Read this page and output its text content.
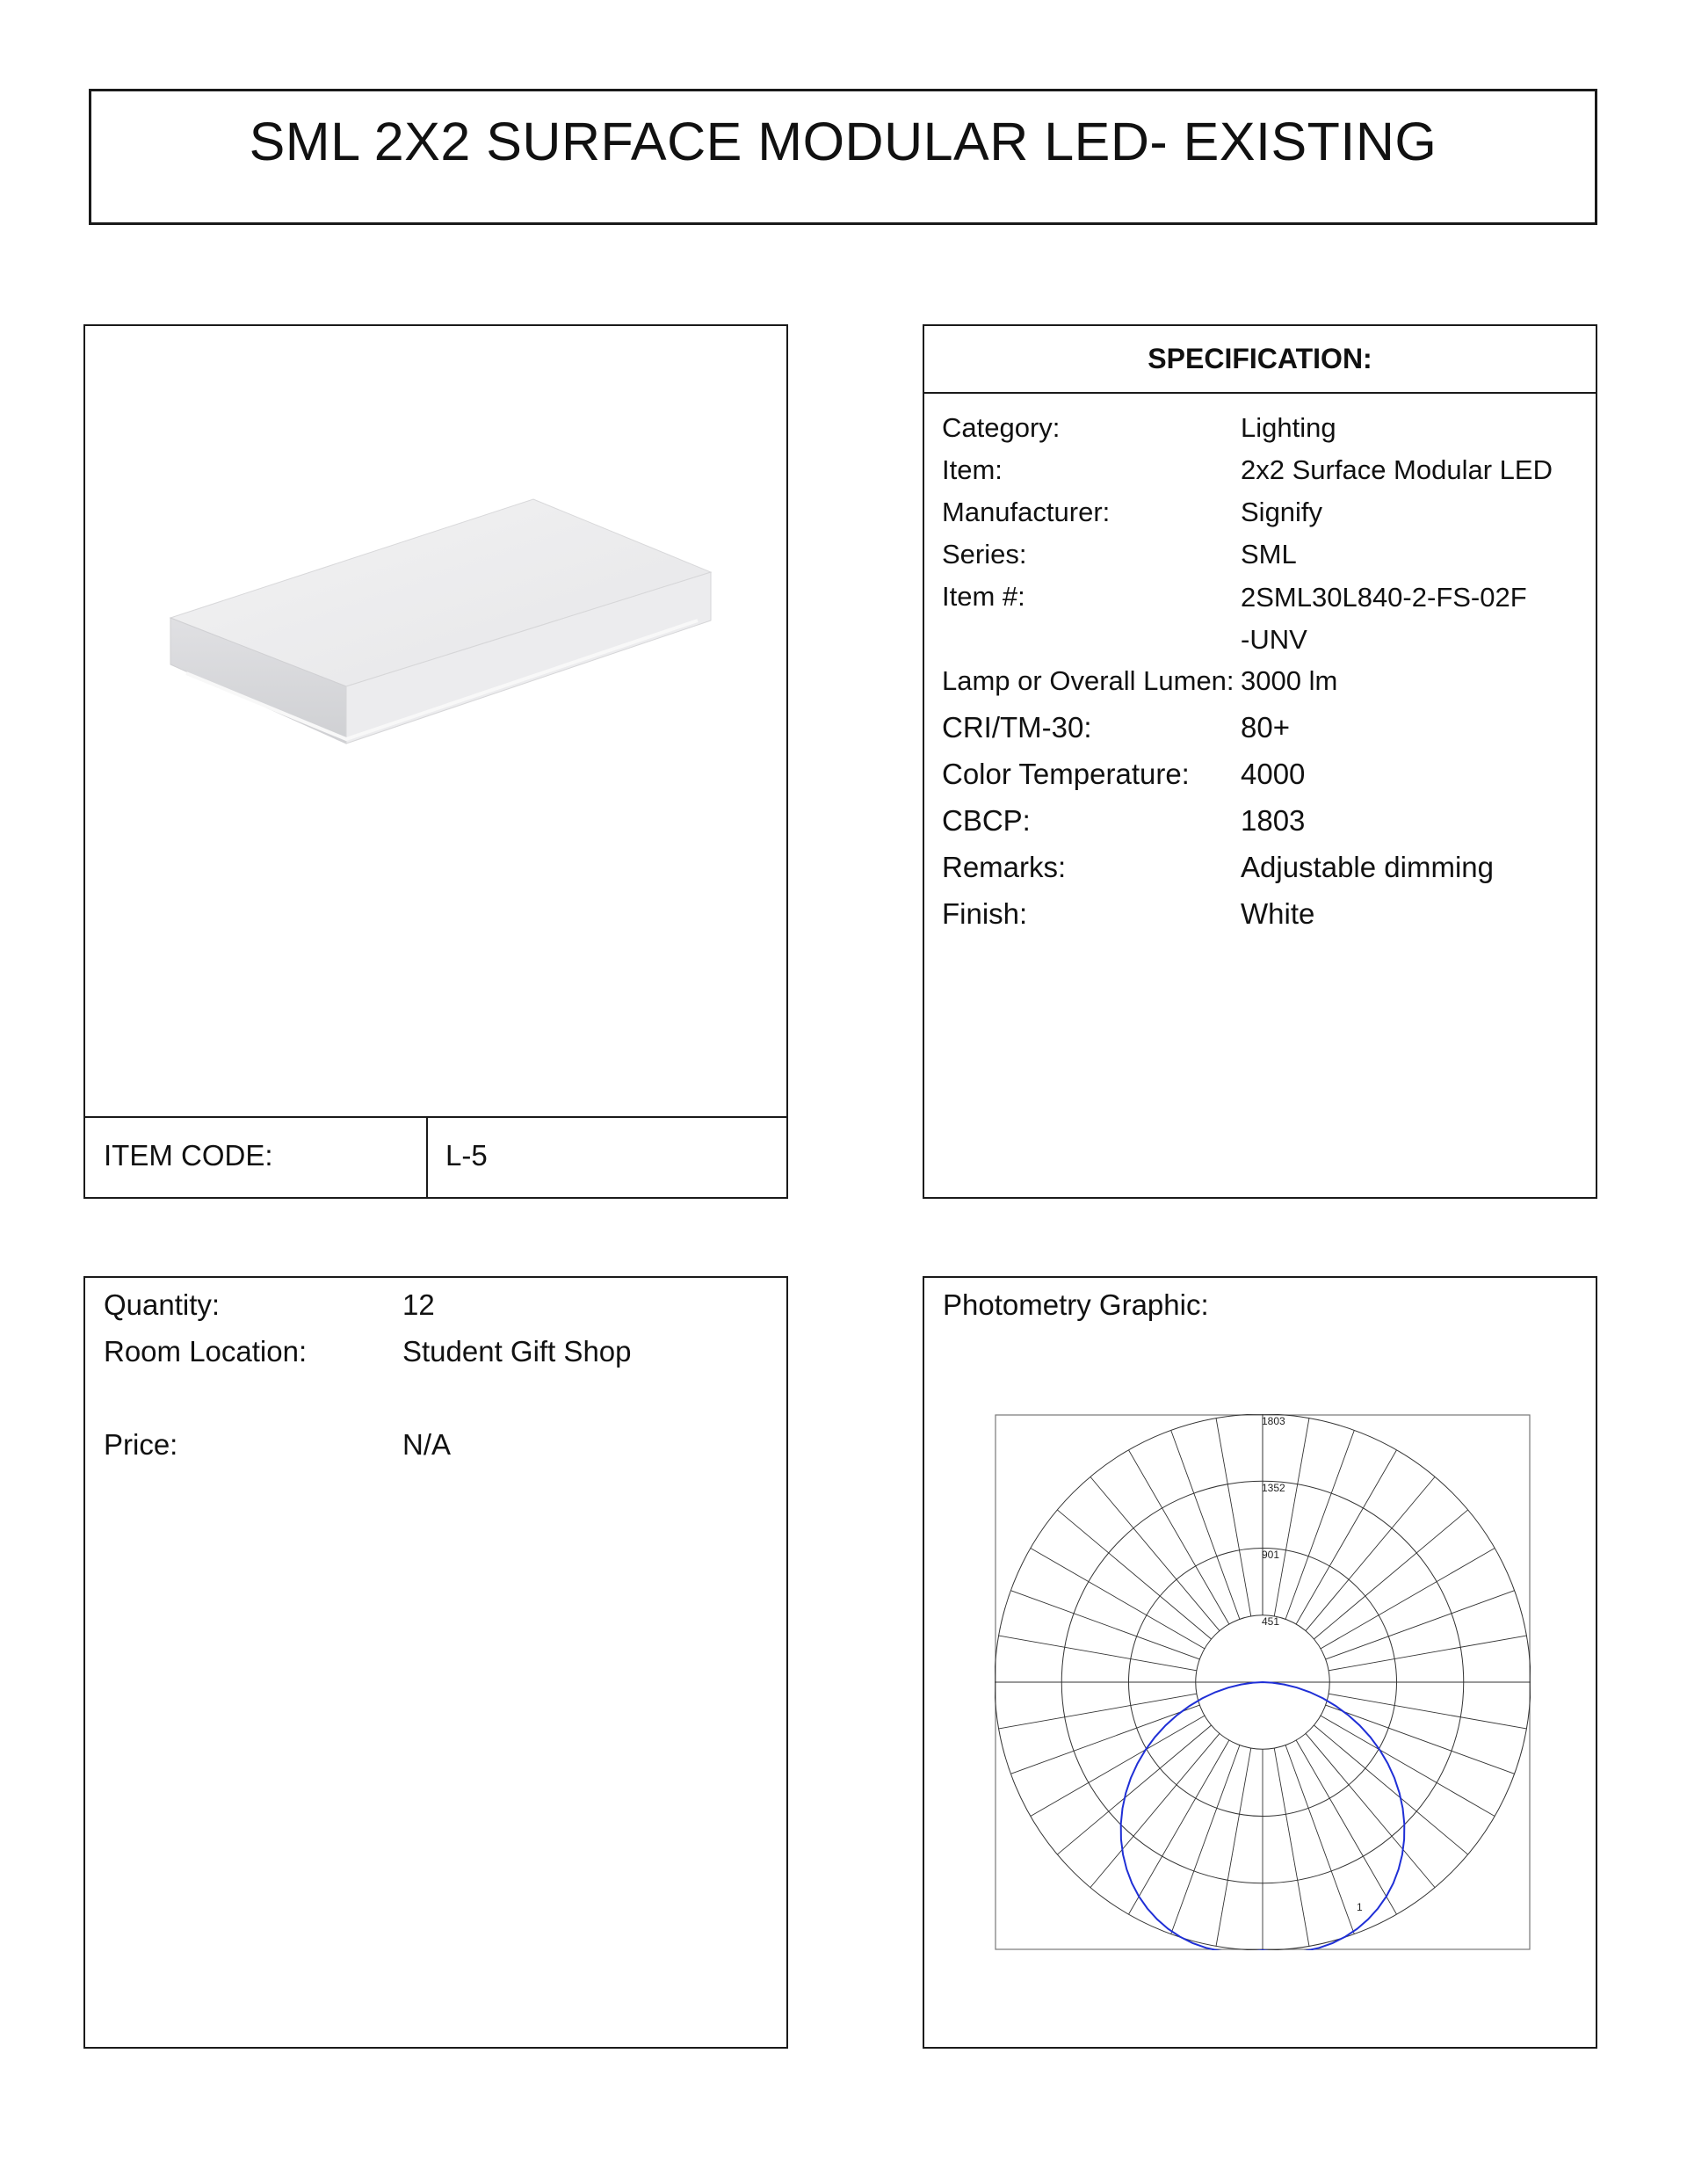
SML 2X2 SURFACE MODULAR LED- EXISTING
ITEM CODE:	L-5
SPECIFICATION:
Category:	Lighting
Item:	2x2 Surface Modular LED
Manufacturer:	Signify
Series:	SML
Item #:	2SML30L840-2-FS-02F-UNV
Lamp or Overall Lumen: 3000 lm
CRI/TM-30:	80+
Color Temperature: 4000
CBCP:	1803
Remarks:	Adjustable dimming
Finish:	White
Quantity:	12
Room Location:	Student Gift Shop
Price:	N/A
Photometry Graphic:
1803
1352
901
451
1
